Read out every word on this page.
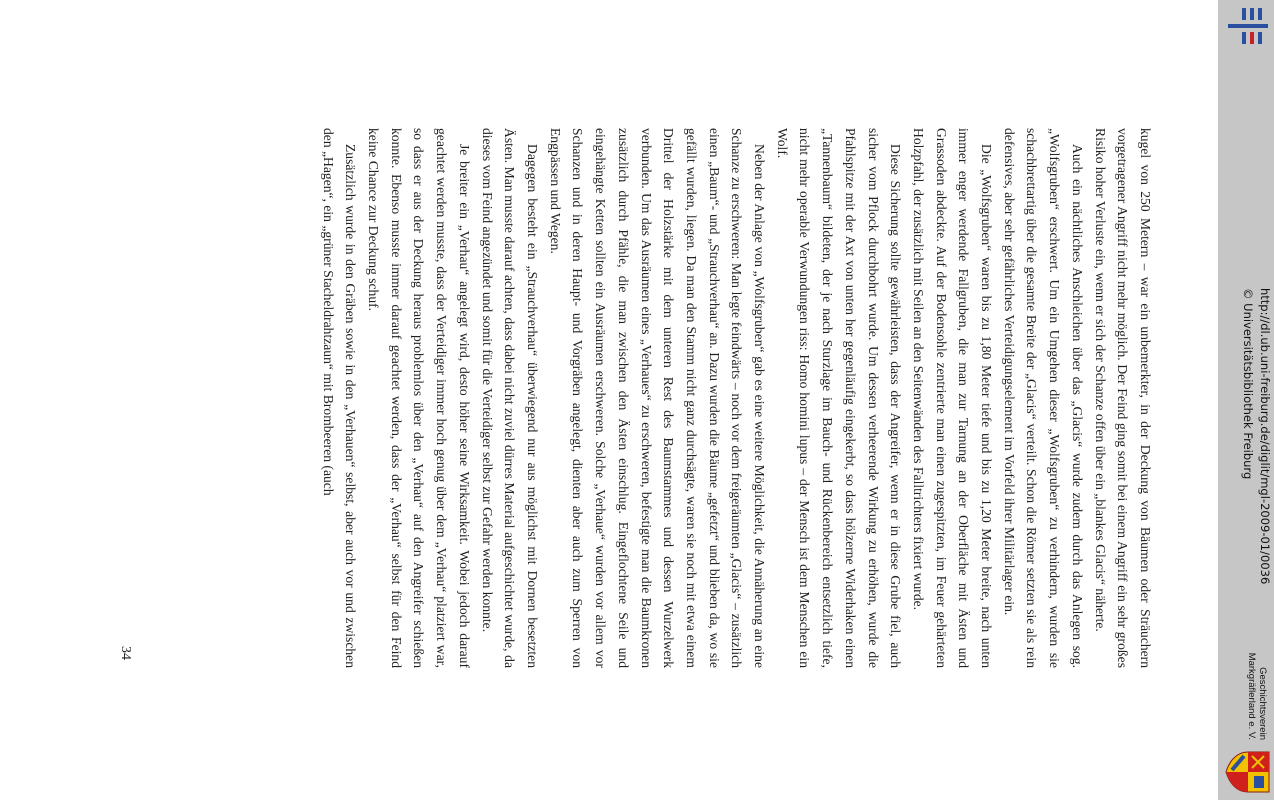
kugel von 250 Metern – war ein unbemerkter, in der Deckung von Bäumen oder Sträuchern vorgetragener Angriff nicht mehr möglich. Der Feind ging somit bei einem Angriff ein sehr großes Risiko hoher Verluste ein, wenn er sich der Schanze offen über ein „blankes Glacis“ näherte.

Auch ein nächtliches Anschleichen über das „Glacis“ wurde zudem durch das Anlegen sog. „Wolfsgruben“ erschwert. Um ein Umgehen dieser „Wolfsgruben“ zu verhindern, wurden sie schachbrettartig über die gesamte Breite der „Glacis“ verteilt. Schon die Römer setzten sie als rein defensives, aber sehr gefährliches Verteidigungselement im Vorfeld ihrer Militärlager ein.

Die „Wolfsgruben“ waren bis zu 1,80 Meter tiefe und bis zu 1,20 Meter breite, nach unten immer enger werdende Fallgruben, die man zur Tarnung an der Oberfläche mit Ästen und Grassoden abdeckte. Auf der Bodensohle zentrierte man einen zugespitzten, im Feuer gehärteten Holzpfahl, der zusätzlich mit Seilen an den Seitenwänden des Falltrichters fixiert wurde.

Diese Sicherung sollte gewährleisten, dass der Angreifer, wenn er in diese Grube fiel, auch sicher vom Pflock durchbohrt wurde. Um dessen verheerende Wirkung zu erhöhen, wurde die Pfahlspitze mit der Axt von unten her gegenläufig eingekerbt, so dass hölzerne Widerhaken einen „Tannenbaum“ bildeten, der je nach Sturzlage im Bauch- und Rückenbereich entsetzlich tiefe, nicht mehr operable Verwundungen riss: Homo homini lupus – der Mensch ist dem Menschen ein Wolf.

Neben der Anlage von „Wolfsgruben“ gab es eine weitere Möglichkeit, die Annäherung an eine Schanze zu erschweren: Man legte feindwärts – noch vor dem freigeräumten „Glacis“ – zusätzlich einen „Baum“- und „Strauchverhau“ an. Dazu wurden die Bäume „gefetzt“ und blieben da, wo sie gefällt wurden, liegen. Da man den Stamm nicht ganz durchsägte, waren sie noch mit etwa einem Drittel der Holzstärke mit dem unteren Rest des Baumstammes und dessen Wurzelwerk verbunden. Um das Ausräumen eines „Verhaues“ zu erschweren, befestigte man die Baumkronen zusätzlich durch Pfähle, die man zwischen den Ästen einschlug. Eingeflochtene Seile und eingehängte Ketten sollten ein Ausräumen erschweren. Solche „Verhaue“ wurden vor allem vor Schanzen und in deren Haupt- und Vorgräben angelegt, dienten aber auch zum Sperren von Engpässen und Wegen.

Dagegen besteht ein „Strauchverhau“ überwiegend nur aus möglichst mit Dornen besetzten Ästen. Man musste darauf achten, dass dabei nicht zuviel dürres Material aufgeschichtet wurde, da dieses vom Feind angezündet und somit für die Verteidiger selbst zur Gefahr werden konnte.

Je breiter ein „Verhau“ angelegt wird, desto höher seine Wirksamkeit. Wobei jedoch darauf geachtet werden musste, dass der Verteidiger immer hoch genug über dem „Verhau“ platziert war, so dass er aus der Deckung heraus problemlos über den „Verhau“ auf den Angreifer schießen konnte. Ebenso musste immer darauf geachtet werden, dass der „Verhau“ selbst für den Feind keine Chance zur Deckung schuf.

Zusätzlich wurde in den Gräben sowie in den „Verhauen“ selbst, aber auch vor und zwischen den „Hagen“, ein „grüner Stacheldrahtzaun“ mit Brombeeren (auch

34
http://dl.ub.uni-freiburg.de/diglit/mgl-2009-01/0036
© Universitätsbibliothek Freiburg
Geschichtsverein
Markgräflerland e. V.
